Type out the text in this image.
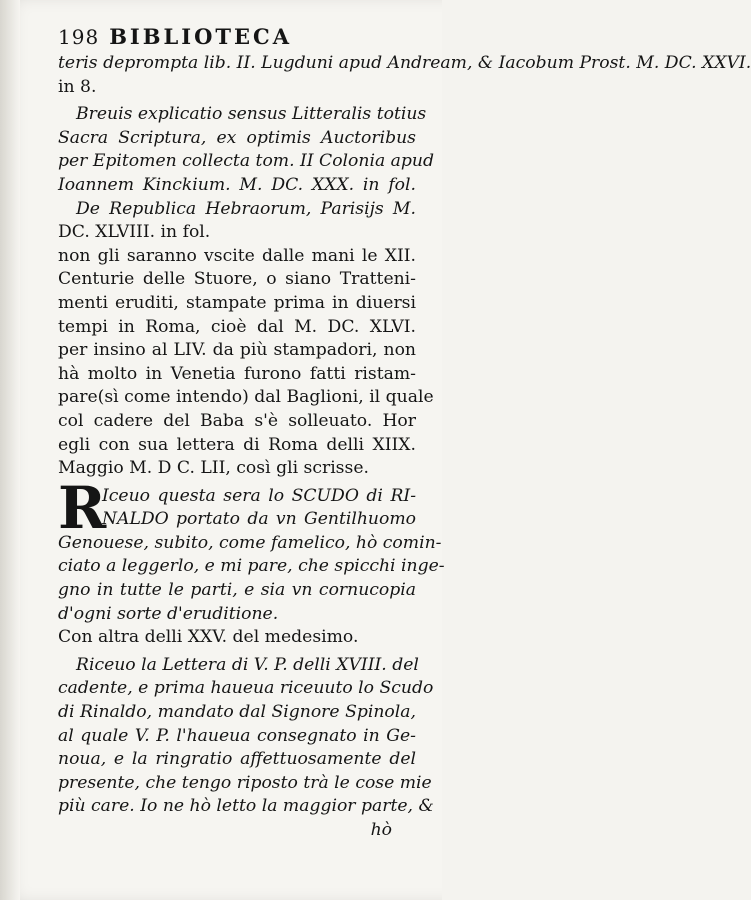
198 BIBLIOTECA
teris deprompta lib. II. Lugduni apud Andream, & Iacobum Prost. M. DC. XXVI.
in 8.
Breuis explicatio sensus Litteralis totius
Sacra Scriptura, ex optimis Auctoribus
per Epitomen collecta tom. II Colonia apud
Ioannem Kinckium. M. DC. XXX. in fol.
De Republica Hebraorum, Parisijs M.
DC. XLVIII. in fol.
non gli saranno vscite dalle mani le XII.
Centurie delle Stuore, o siano Tratteni-
menti eruditi, stampate prima in diuersi
tempi in Roma, cioè dal M. DC. XLVI.
per insino al LIV. da più stampadori, non
hà molto in Venetia furono fatti ristam-
pare(sì come intendo) dal Baglioni, il quale
col cadere del Baba s'è solleuato. Hor
egli con sua lettera di Roma delli XIIX.
Maggio M. D C. LII, così gli scrisse.
R
Iceuo questa sera lo SCUDO di RI-
NALDO portato da vn Gentilhuomo
Genouese, subito, come famelico, hò comin-
ciato a leggerlo, e mi pare, che spicchi inge-
gno in tutte le parti, e sia vn cornucopia
d'ogni sorte d'eruditione.
Con altra delli XXV. del medesimo.
Riceuo la Lettera di V. P. delli XVIII. del
cadente, e prima haueua riceuuto lo Scudo
di Rinaldo, mandato dal Signore Spinola,
al quale V. P. l'haueua consegnato in Ge-
noua, e la ringratio affettuosamente del
presente, che tengo riposto trà le cose mie
più care. Io ne hò letto la maggior parte, &
hò
